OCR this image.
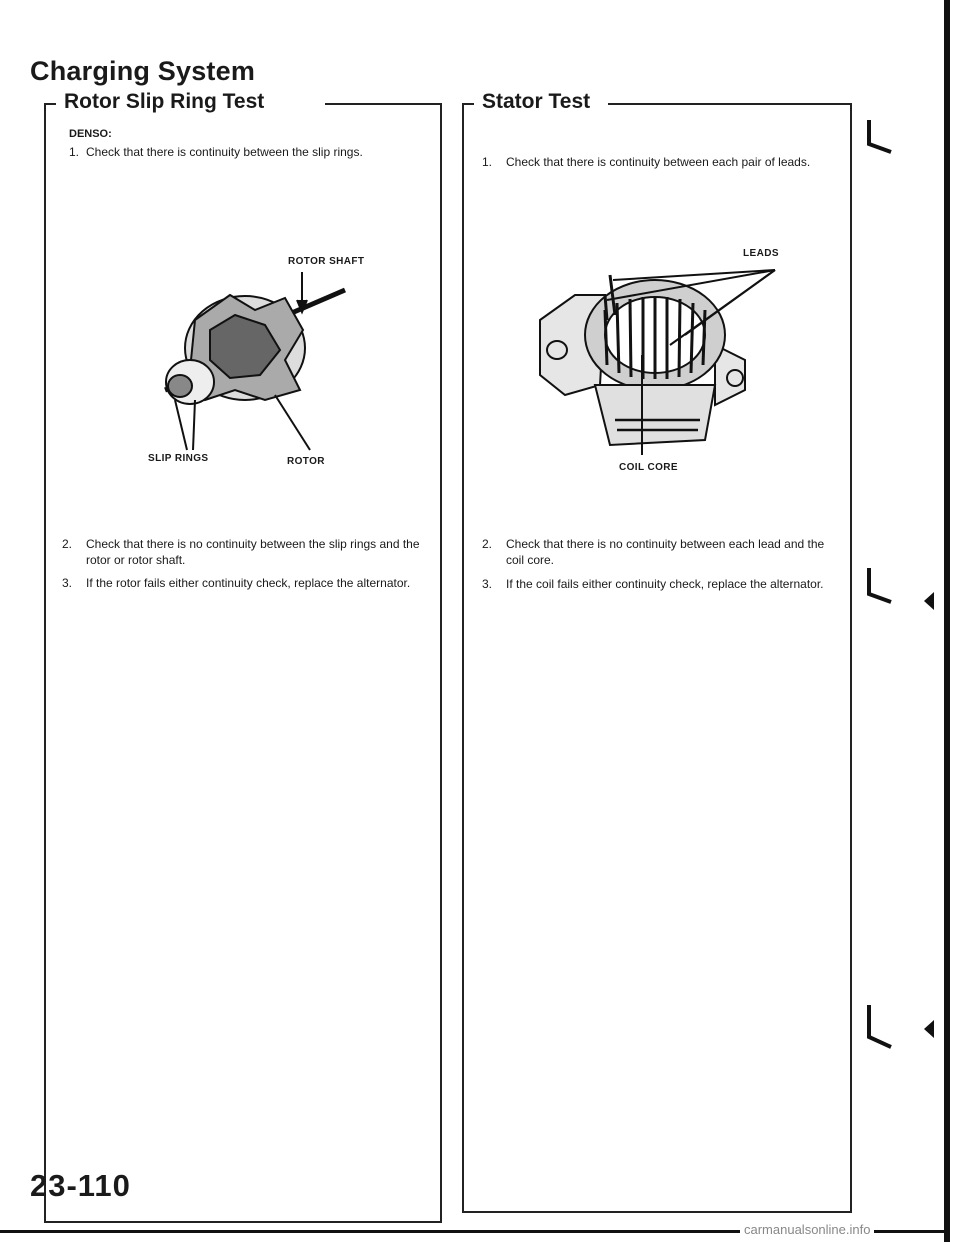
Charging System
Rotor Slip Ring Test
DENSO:
1. Check that there is continuity between the slip rings.
ROTOR SHAFT
SLIP RINGS	ROTOR
2.	Check that there is no continuity between the slip rings and the rotor or rotor shaft.
3.	If the rotor fails either continuity check, replace the alternator.
Stator Test
1.	Check that there is continuity between each pair of leads.
LEADS
COIL CORE
2.	Check that there is no continuity between each lead and the coil core.
3.	If the coil fails either continuity check, replace the alternator.
23-110
carmanualsonline.info
